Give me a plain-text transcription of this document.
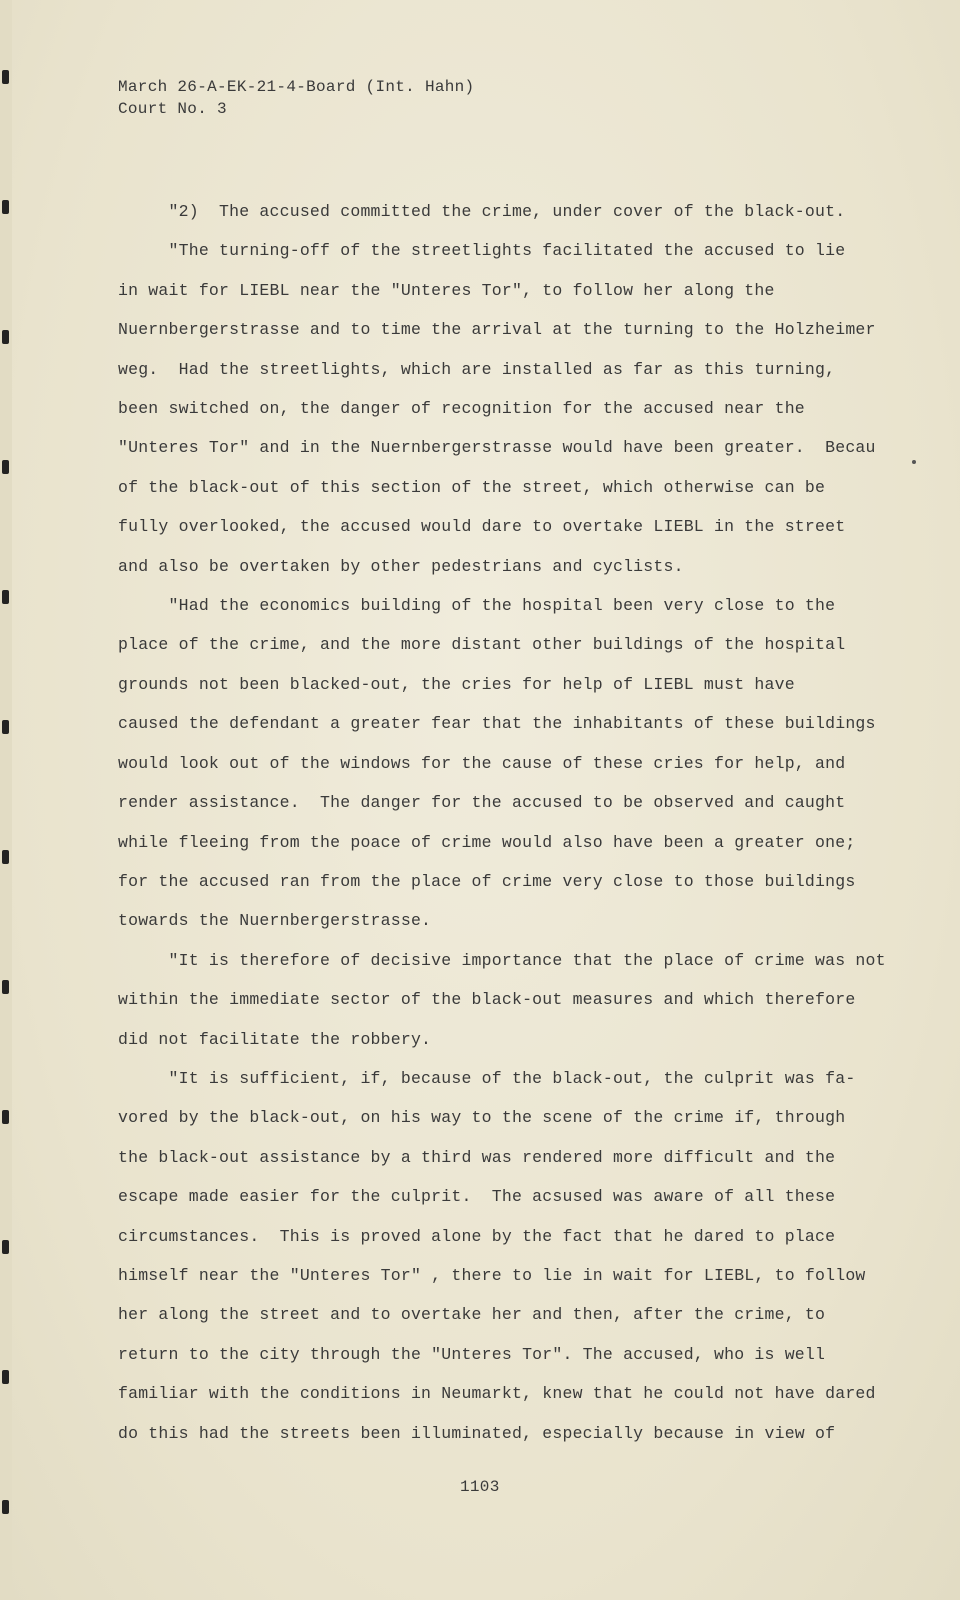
March 26-A-EK-21-4-Board (Int. Hahn)
Court No. 3
"2)  The accused committed the crime, under cover of the black-out.
"The turning-off of the streetlights facilitated the accused to lie
in wait for LIEBL near the "Unteres Tor", to follow her along the
Nuernbergerstrasse and to time the arrival at the turning to the Holzheimer
weg.  Had the streetlights, which are installed as far as this turning,
been switched on, the danger of recognition for the accused near the
"Unteres Tor" and in the Nuernbergerstrasse would have been greater.  Becau
of the black-out of this section of the street, which otherwise can be
fully overlooked, the accused would dare to overtake LIEBL in the street
and also be overtaken by other pedestrians and cyclists.
"Had the economics building of the hospital been very close to the
place of the crime, and the more distant other buildings of the hospital
grounds not been blacked-out, the cries for help of LIEBL must have
caused the defendant a greater fear that the inhabitants of these buildings
would look out of the windows for the cause of these cries for help, and
render assistance.  The danger for the accused to be observed and caught
while fleeing from the poace of crime would also have been a greater one;
for the accused ran from the place of crime very close to those buildings
towards the Nuernbergerstrasse.
"It is therefore of decisive importance that the place of crime was not
within the immediate sector of the black-out measures and which therefore
did not facilitate the robbery.
"It is sufficient, if, because of the black-out, the culprit was fa-
vored by the black-out, on his way to the scene of the crime if, through
the black-out assistance by a third was rendered more difficult and the
escape made easier for the culprit.  The acsused was aware of all these
circumstances.  This is proved alone by the fact that he dared to place
himself near the "Unteres Tor" , there to lie in wait for LIEBL, to follow
her along the street and to overtake her and then, after the crime, to
return to the city through the "Unteres Tor". The accused, who is well
familiar with the conditions in Neumarkt, knew that he could not have dared
do this had the streets been illuminated, especially because in view of
1103
